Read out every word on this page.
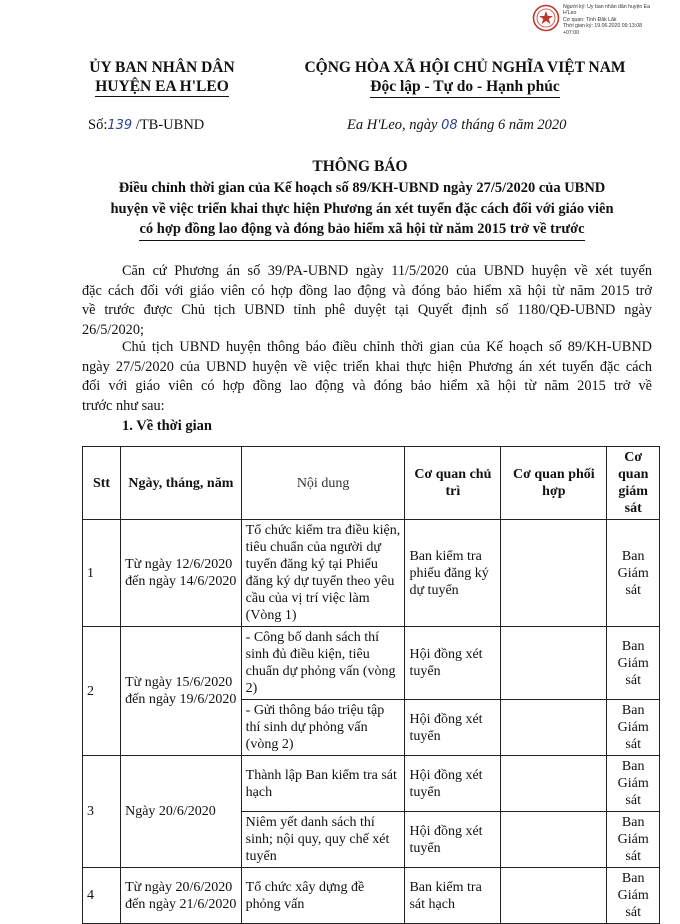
Người ký: Ủy ban nhân dân huyện Ea
H'Leo
Cơ quan: Tỉnh Đắk Lắk
Thời gian ký: 19.06.2020 09:13:08
+07:00
ỦY BAN NHÂN DÂN
HUYỆN EA H'LEO
CỘNG HÒA XÃ HỘI CHỦ NGHĨA VIỆT NAM
Độc lập - Tự do - Hạnh phúc
Số:139 /TB-UBND	Ea H'Leo, ngày 08 tháng 6 năm 2020
THÔNG BÁO
Điều chỉnh thời gian của Kế hoạch số 89/KH-UBND ngày 27/5/2020 của UBND
huyện về việc triển khai thực hiện Phương án xét tuyển đặc cách đối với giáo viên
có hợp đồng lao động và đóng bảo hiểm xã hội từ năm 2015 trở về trước
Căn cứ Phương án số 39/PA-UBND ngày 11/5/2020 của UBND huyện về xét tuyển
đặc cách đối với giáo viên có hợp đồng lao động và đóng bảo hiểm xã hội từ năm 2015 trở
về trước được Chủ tịch UBND tỉnh phê duyệt tại Quyết định số 1180/QĐ-UBND ngày
26/5/2020;
Chủ tịch UBND huyện thông báo điều chỉnh thời gian của Kế hoạch số 89/KH-UBND
ngày 27/5/2020 của UBND huyện về việc triển khai thực hiện Phương án xét tuyển đặc cách
đối với giáo viên có hợp đồng lao động và đóng bảo hiểm xã hội từ năm 2015 trở về
trước như sau:
1. Về thời gian
Stt	Ngày, tháng, năm	Nội dung	Cơ quan chủ trì	Cơ quan phối hợp	Cơ quan giám sát
1	Từ ngày 12/6/2020 đến ngày 14/6/2020	Tổ chức kiểm tra điều kiện, tiêu chuẩn của người dự tuyển đăng ký tại Phiếu đăng ký dự tuyển theo yêu cầu của vị trí việc làm (Vòng 1)	Ban kiểm tra phiếu đăng ký dự tuyển		Ban Giám sát
2	Từ ngày 15/6/2020 đến ngày 19/6/2020	- Công bố danh sách thí sinh đủ điều kiện, tiêu chuẩn dự phỏng vấn (vòng 2)	Hội đồng xét tuyển		Ban Giám sát
		- Gửi thông báo triệu tập thí sinh dự phỏng vấn (vòng 2)	Hội đồng xét tuyển		Ban Giám sát
3	Ngày 20/6/2020	Thành lập Ban kiểm tra sát hạch	Hội đồng xét tuyển		Ban Giám sát
		Niêm yết danh sách thí sinh; nội quy, quy chế xét tuyển	Hội đồng xét tuyển		Ban Giám sát
4	Từ ngày 20/6/2020 đến ngày 21/6/2020	Tổ chức xây dựng đề phỏng vấn	Ban kiểm tra sát hạch		Ban Giám sát
